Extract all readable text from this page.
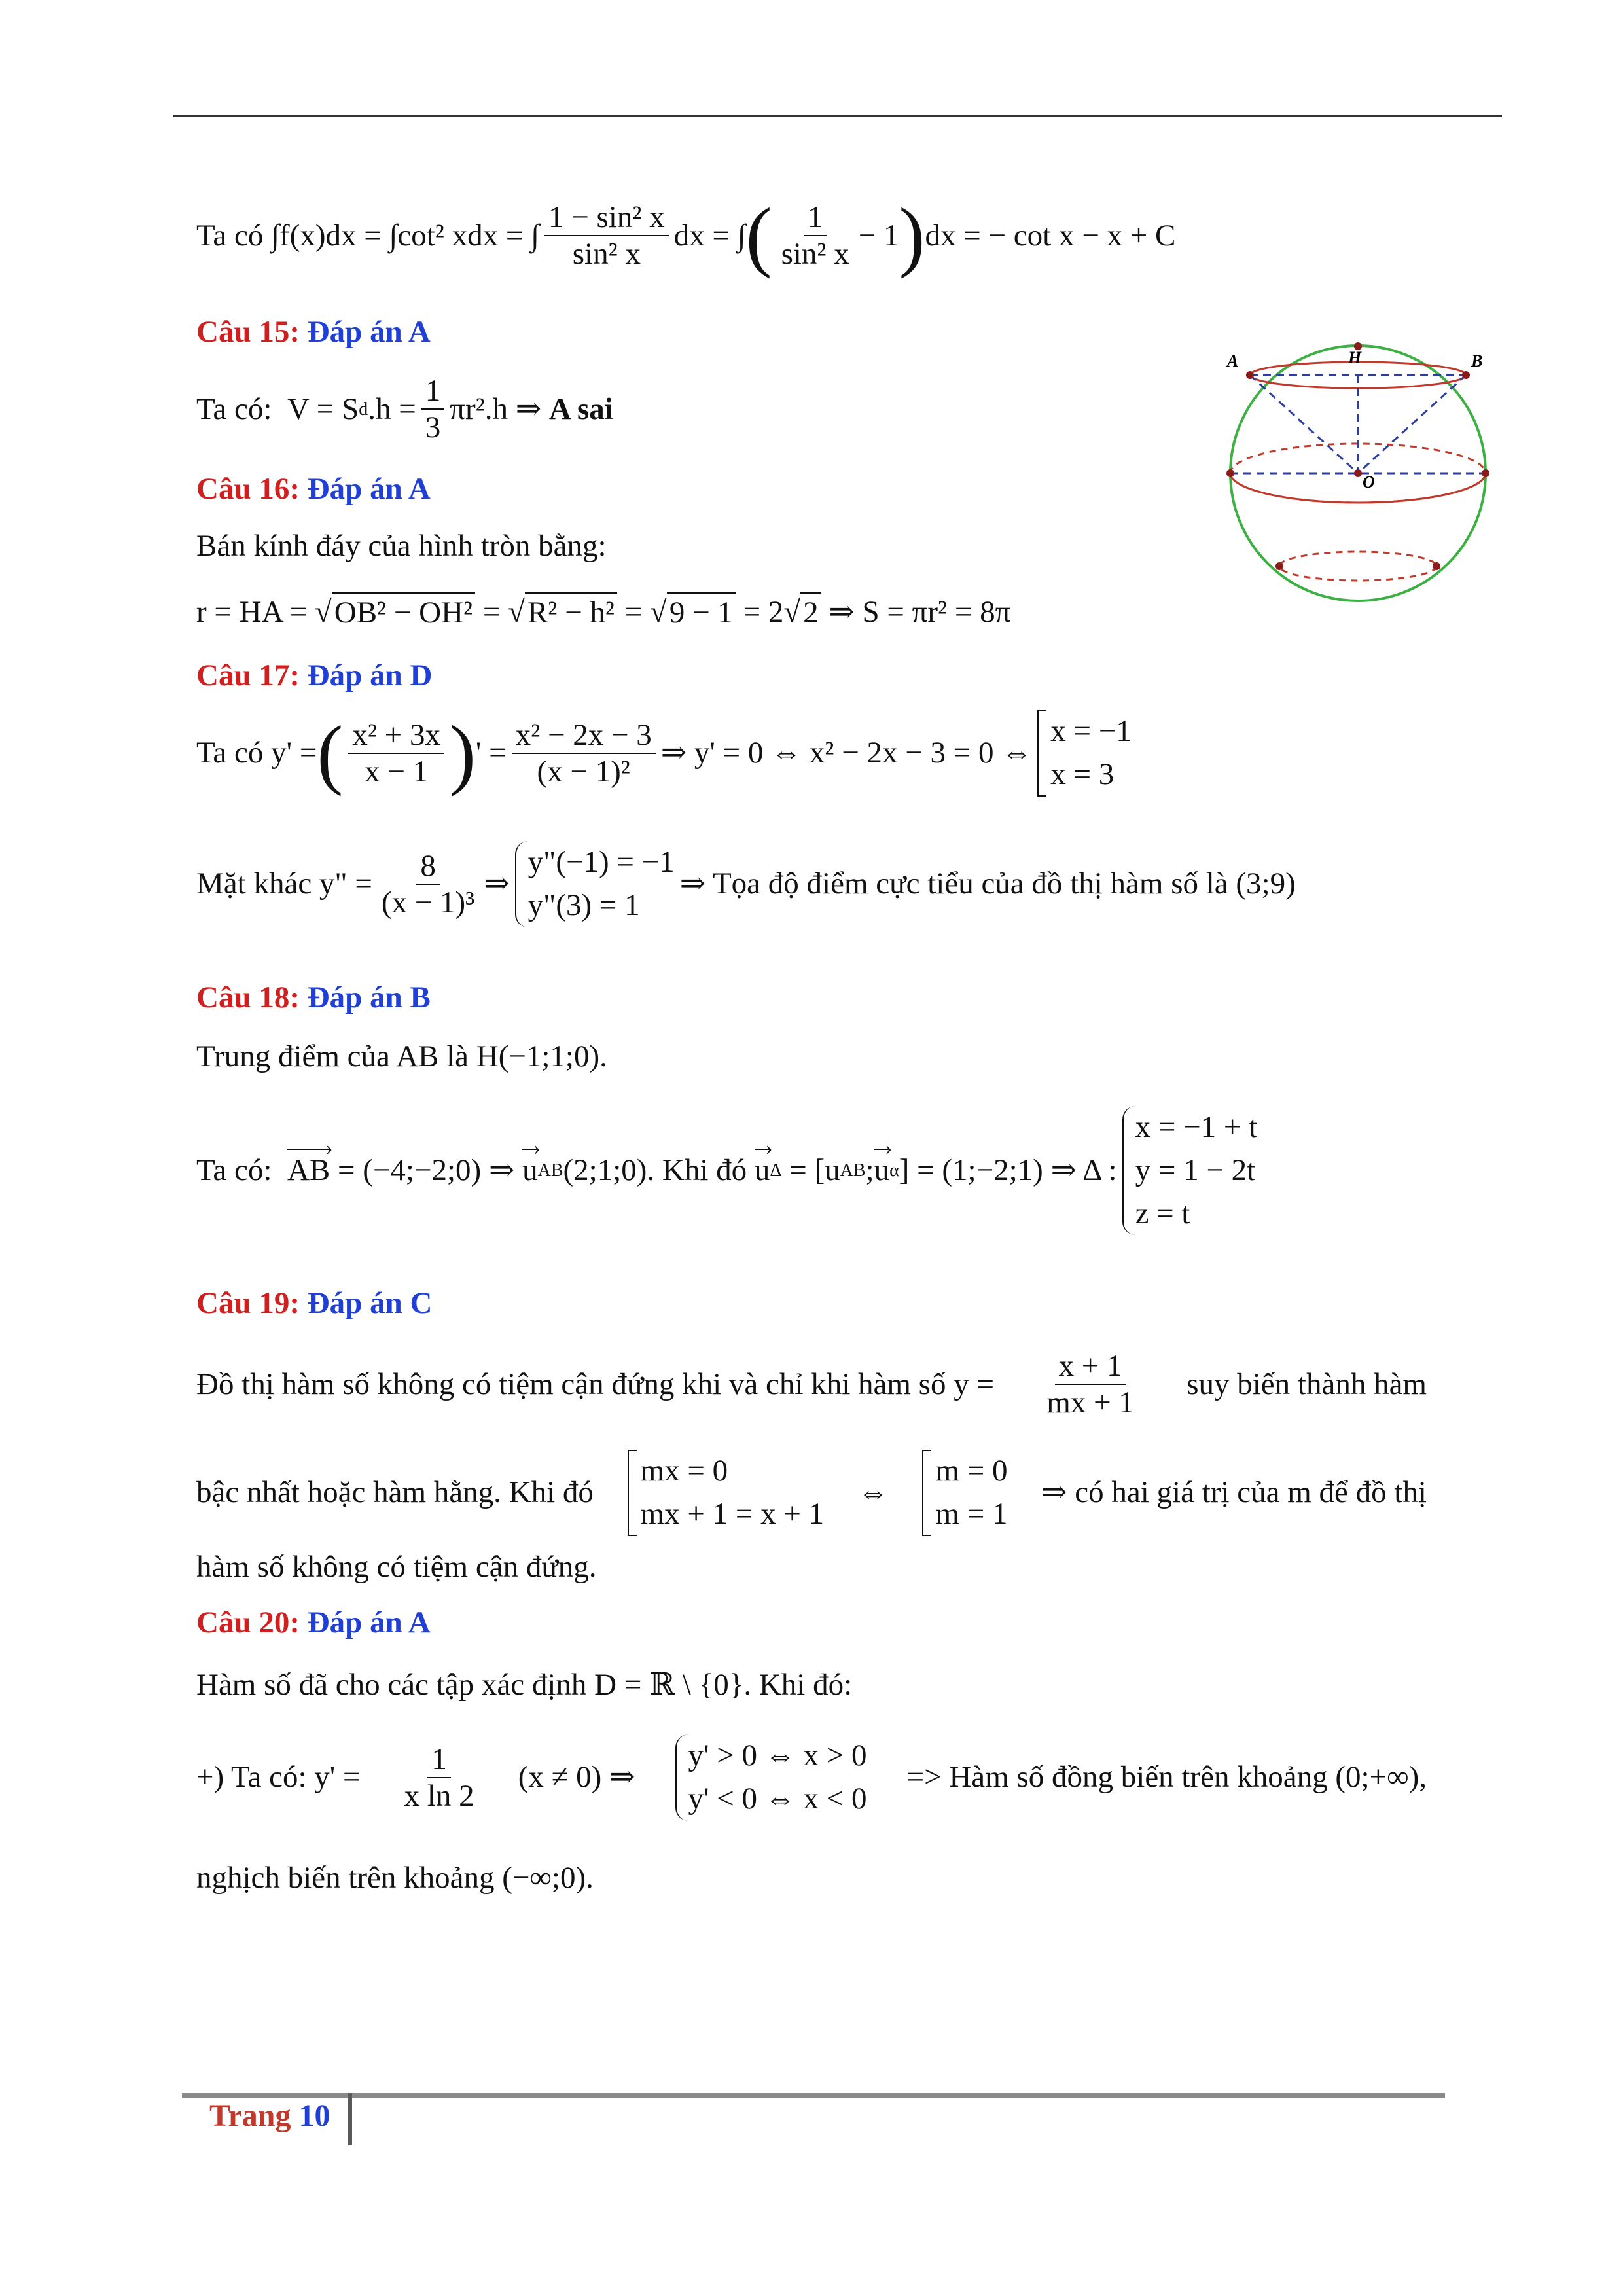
Ta có
∫f(x)dx = ∫cot² xdx = ∫ $\frac{\text{1 − sin² x}}{\text{sin² x}}$ dx = ∫ ( $\frac{1}{\text{sin² x}} - 1$ ) dx = − cot x − x + C
Câu 15:
Đáp án A
Ta có:
V = S d $.h = \frac{1}{3} \pi r^2.h$ ⇒
A sai
Câu 16:
Đáp án A
Bán kính đáy của hình tròn bằng:
r = HA = √ OB² − OH²
= √ R² − h²
= √ 9 − 1
= 2 √ 2
⇒ S = πr² = 8π
Câu 17:
Đáp án D
Ta có y' = ( $\frac{\text{x² + 3x}}{x - 1}$ ) ' = $\frac{\text{x² − 2x − 3}}{\text{(x − 1)²}}$ ⇒ y' = 0 ⇔ x² − 2x − 3 = 0 ⇔
x = −1
x = 3
Mặt khác y" = $\frac{8}{\text{(x − 1)³}}$ ⇒
y"(−1) = −1
y"(3) = 1
⇒ Tọa độ điểm cực tiểu của đồ thị hàm số là (3;9)
Câu 18:
Đáp án B
Trung điểm của AB là H(−1;1;0).
Ta có:
AB ›
= (−4;−2;0) ⇒
u › AB (2;1;0). Khi đó
u › Δ
= [u AB ; u › α ] = (1;−2;1) ⇒ Δ :
x = −1 + t
y = 1 − 2t
z = t
Câu 19:
Đáp án C
Đồ thị hàm số không có tiệm cận đứng khi và chỉ khi hàm số $y = \frac{x + 1}{mx + 1}$ suy biến thành hàm
bậc nhất hoặc hàm hằng. Khi đó
mx = 0
mx + 1 = x + 1
⇔
m = 0
m = 1
⇒ có hai giá trị của m để đồ thị
hàm số không có tiệm cận đứng.
Câu 20:
Đáp án A
Hàm số đã cho các tập xác định D = ℝ \ {0}. Khi đó:
+) Ta có: $y' = \frac{1}{\text{x ln 2}} (x \ne 0)$ ⇒
y' > 0 ⇔ x > 0
y' < 0 ⇔ x < 0
=> Hàm số đồng biến trên khoảng (0;+∞),
nghịch biến trên khoảng (−∞;0).
A	H	B
O
Trang 10
